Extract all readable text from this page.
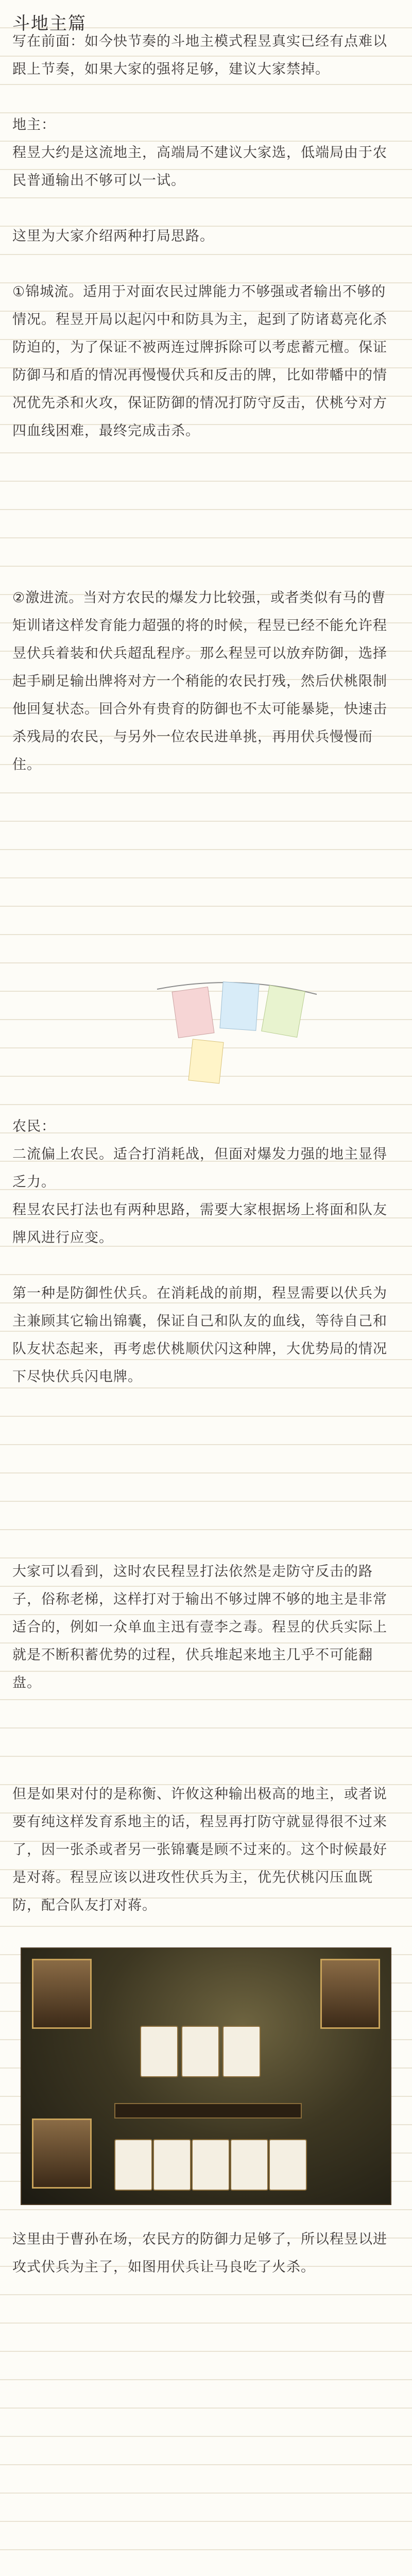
斗地主篇

写在前面：如今快节奏的斗地主模式程昱真实已经有点难以跟上节奏，如果大家的强将足够，建议大家禁掉。

地主：
程昱大约是这流地主，高端局不建议大家选，低端局由于农民普通输出不够可以一试。

这里为大家介绍两种打局思路。

①锦城流。适用于对面农民过牌能力不够强或者输出不够的情况。程昱开局以起闪中和防具为主，起到了防诸葛亮化杀防迫的，为了保证不被两连过牌拆除可以考虑蓄元檀。保证防御马和盾的情况再慢慢伏兵和反击的牌，比如带幡中的情况优先杀和火攻，保证防御的情况打防守反击，伏桃兮对方四血线困难，最终完成击杀。

②激进流。当对方农民的爆发力比较强，或者类似有马的曹矩训诸这样发育能力超强的将的时候，程昱已经不能允许程昱伏兵着装和伏兵超乱程序。那么程昱可以放弃防御，选择起手刷足输出牌将对方一个稍能的农民打残，然后伏桃限制他回复状态。回合外有贵育的防御也不太可能暴毙，快速击杀残局的农民，与另外一位农民进单挑，再用伏兵慢慢而住。

农民：
二流偏上农民。适合打消耗战，但面对爆发力强的地主显得乏力。

程昱农民打法也有两种思路，需要大家根据场上将面和队友牌风进行应变。

第一种是防御性伏兵。在消耗战的前期，程昱需要以伏兵为主兼顾其它输出锦囊，保证自己和队友的血线，等待自己和队友状态起来，再考虑伏桃顺伏闪这种牌，大优势局的情况下尽快伏兵闪电牌。

大家可以看到，这时农民程昱打法依然是走防守反击的路子，俗称老梯，这样打对于输出不够过牌不够的地主是非常适合的，例如一众单血主迅有壹李之毒。程昱的伏兵实际上就是不断积蓄优势的过程，伏兵堆起来地主几乎不可能翻盘。

这里由于曹孙在场，农民方的防御力足够了，所以程昱以进攻式伏兵为主了，如图用伏兵让马良吃了火杀。

但是如果对付的是称衡、许攸这种输出极高的地主，或者说要有纯这样发育系地主的话，程昱再打防守就显得很不过来了，因一张杀或者另一张锦囊是顾不过来的。这个时候最好是对蒋。程昱应该以进攻性伏兵为主，优先伏桃闪压血既防，配合队友打对蒋。
